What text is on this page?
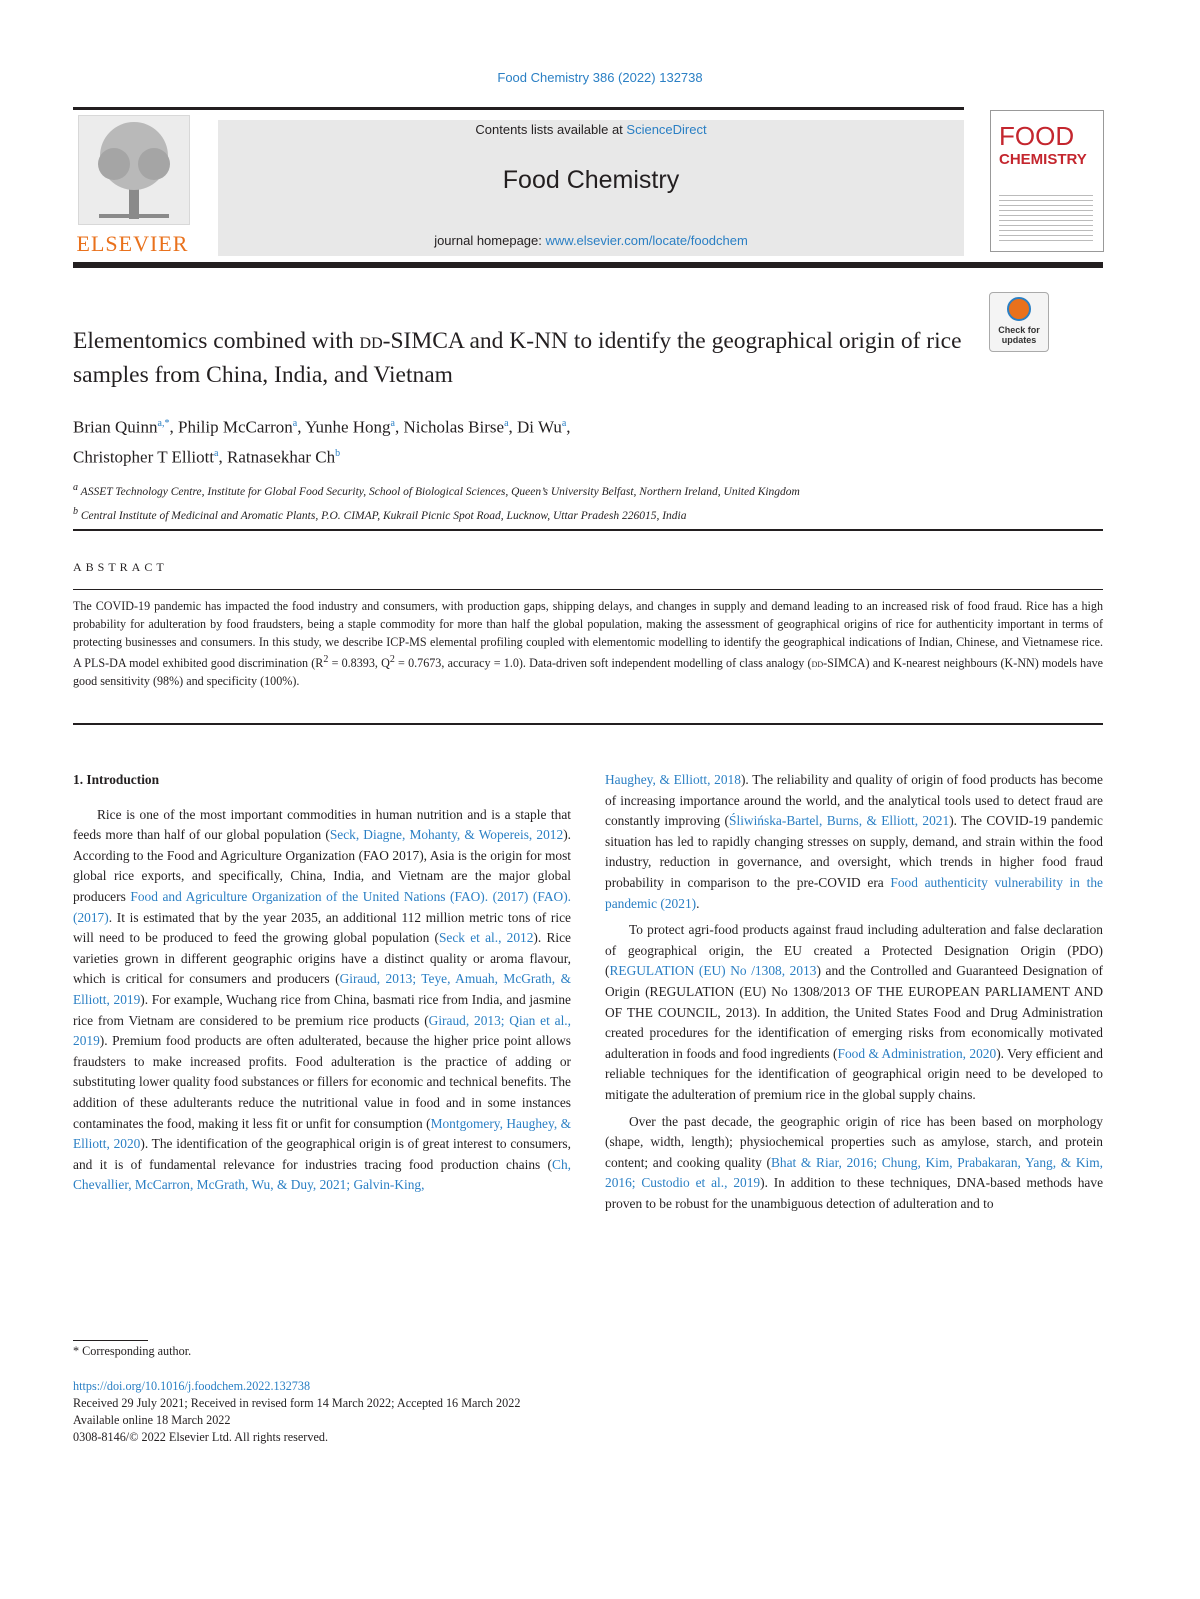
Food Chemistry 386 (2022) 132738
ELSEVIER
Contents lists available at ScienceDirect
Food Chemistry
journal homepage: www.elsevier.com/locate/foodchem
FOOD
CHEMISTRY
Check for updates
Elementomics combined with dd-SIMCA and K-NN to identify the geographical origin of rice samples from China, India, and Vietnam
Brian Quinn$^{a,*}$, Philip McCarron$^a$, Yunhe Hong$^a$, Nicholas Birse$^a$, Di Wu$^a$,
Christopher T Elliott$^a$, Ratnasekhar Ch$^b$
$^a$ ASSET Technology Centre, Institute for Global Food Security, School of Biological Sciences, Queen’s University Belfast, Northern Ireland, United Kingdom
$^b$ Central Institute of Medicinal and Aromatic Plants, P.O. CIMAP, Kukrail Picnic Spot Road, Lucknow, Uttar Pradesh 226015, India
ABSTRACT
The COVID-19 pandemic has impacted the food industry and consumers, with production gaps, shipping delays, and changes in supply and demand leading to an increased risk of food fraud. Rice has a high probability for adulteration by food fraudsters, being a staple commodity for more than half the global population, making the assessment of geographical origins of rice for authenticity important in terms of protecting businesses and consumers. In this study, we describe ICP-MS elemental profiling coupled with elementomic modelling to identify the geographical indications of Indian, Chinese, and Vietnamese rice. A PLS-DA model exhibited good discrimination ($R^2 = 0.8393$, $Q^2 = 0.7673$, accuracy = 1.0). Data-driven soft independent modelling of class analogy (dd-SIMCA) and K-nearest neighbours (K-NN) models have good sensitivity (98%) and specificity (100%).

1. Introduction

Rice is one of the most important commodities in human nutrition and is a staple that feeds more than half of our global population (Seck, Diagne, Mohanty, & Wopereis, 2012). According to the Food and Agriculture Organization (FAO 2017), Asia is the origin for most global rice exports, and specifically, China, India, and Vietnam are the major global producers Food and Agriculture Organization of the United Nations (FAO). (2017) (FAO). (2017). It is estimated that by the year 2035, an additional 112 million metric tons of rice will need to be produced to feed the growing global population (Seck et al., 2012). Rice varieties grown in different geographic origins have a distinct quality or aroma flavour, which is critical for consumers and producers (Giraud, 2013; Teye, Amuah, McGrath, & Elliott, 2019). For example, Wuchang rice from China, basmati rice from India, and jasmine rice from Vietnam are considered to be premium rice products (Giraud, 2013; Qian et al., 2019). Premium food products are often adulterated, because the higher price point allows fraudsters to make increased profits. Food adulteration is the practice of adding or substituting lower quality food substances or fillers for economic and technical benefits. The addition of these adulterants reduce the nutritional value in food and in some instances contaminates the food, making it less fit or unfit for consumption (Montgomery, Haughey, & Elliott, 2020). The identification of the geographical origin is of great interest to consumers, and it is of fundamental relevance for industries tracing food production chains (Ch, Chevallier, McCarron, McGrath, Wu, & Duy, 2021; Galvin-King,

Haughey, & Elliott, 2018). The reliability and quality of origin of food products has become of increasing importance around the world, and the analytical tools used to detect fraud are constantly improving (Śliwińska-Bartel, Burns, & Elliott, 2021). The COVID-19 pandemic situation has led to rapidly changing stresses on supply, demand, and strain within the food industry, reduction in governance, and oversight, which trends in higher food fraud probability in comparison to the pre-COVID era Food authenticity vulnerability in the pandemic (2021).

To protect agri-food products against fraud including adulteration and false declaration of geographical origin, the EU created a Protected Designation Origin (PDO) (REGULATION (EU) No /1308, 2013) and the Controlled and Guaranteed Designation of Origin (REGULATION (EU) No 1308/2013 OF THE EUROPEAN PARLIAMENT AND OF THE COUNCIL, 2013). In addition, the United States Food and Drug Administration created procedures for the identification of emerging risks from economically motivated adulteration in foods and food ingredients (Food & Administration, 2020). Very efficient and reliable techniques for the identification of geographical origin need to be developed to mitigate the adulteration of premium rice in the global supply chains.

Over the past decade, the geographic origin of rice has been based on morphology (shape, width, length); physiochemical properties such as amylose, starch, and protein content; and cooking quality (Bhat & Riar, 2016; Chung, Kim, Prabakaran, Yang, & Kim, 2016; Custodio et al., 2019). In addition to these techniques, DNA-based methods have proven to be robust for the unambiguous detection of adulteration and to

* Corresponding author.
https://doi.org/10.1016/j.foodchem.2022.132738
Received 29 July 2021; Received in revised form 14 March 2022; Accepted 16 March 2022
Available online 18 March 2022
0308-8146/© 2022 Elsevier Ltd. All rights reserved.
